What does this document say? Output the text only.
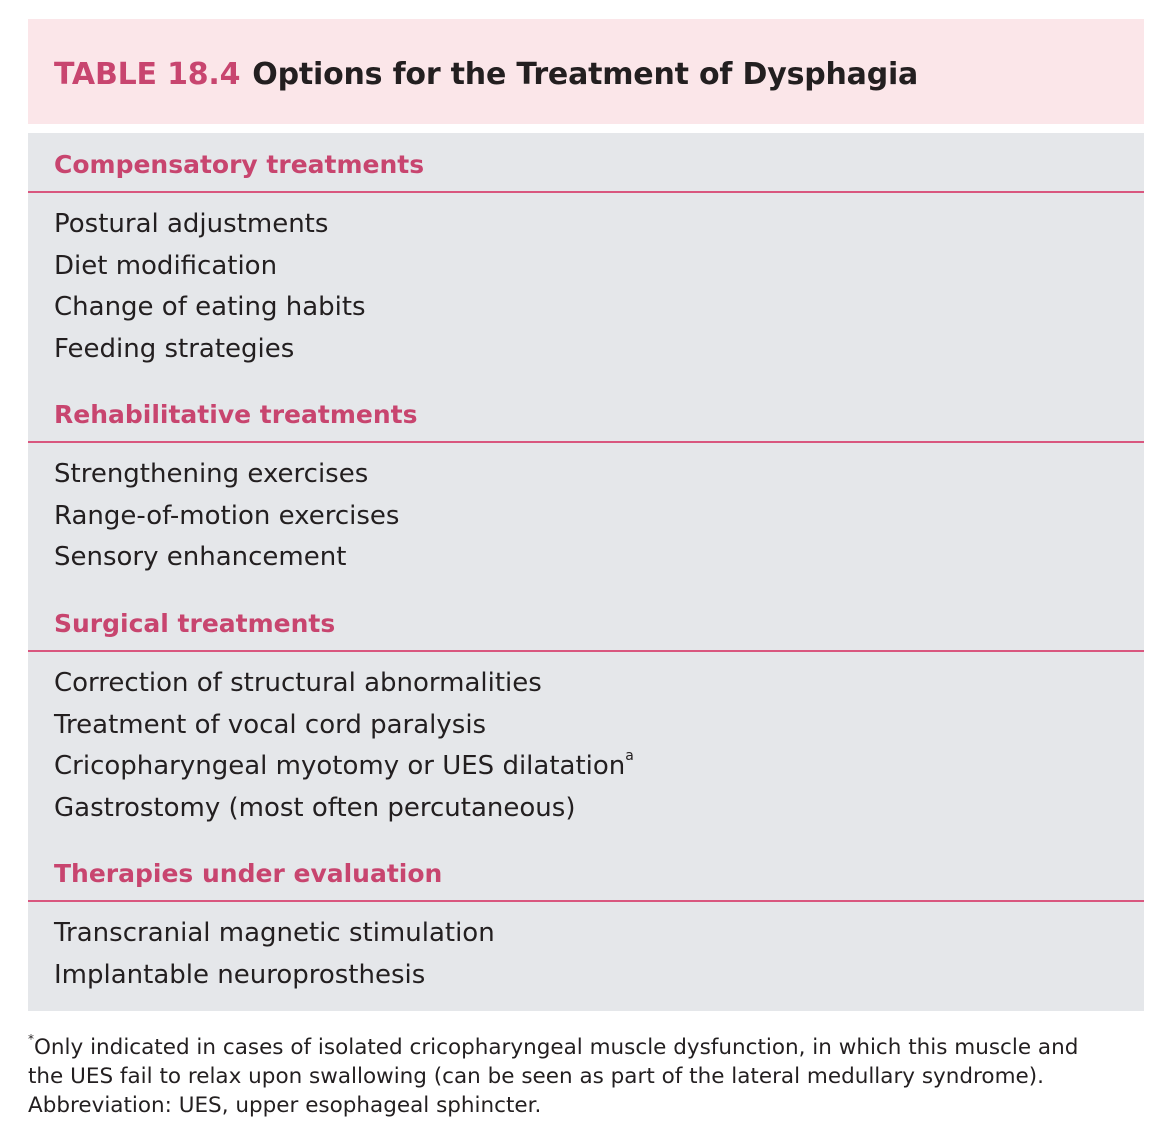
TABLE 18.4 Options for the Treatment of Dysphagia
Compensatory treatments
Postural adjustments
Diet modification
Change of eating habits
Feeding strategies
Rehabilitative treatments
Strengthening exercises
Range-of-motion exercises
Sensory enhancement
Surgical treatments
Correction of structural abnormalities
Treatment of vocal cord paralysis
Cricopharyngeal myotomy or UES dilatation$^a$
Gastrostomy (most often percutaneous)
Therapies under evaluation
Transcranial magnetic stimulation
Implantable neuroprosthesis
*Only indicated in cases of isolated cricopharyngeal muscle dysfunction, in which this muscle and
the UES fail to relax upon swallowing (can be seen as part of the lateral medullary syndrome).
Abbreviation: UES, upper esophageal sphincter.
